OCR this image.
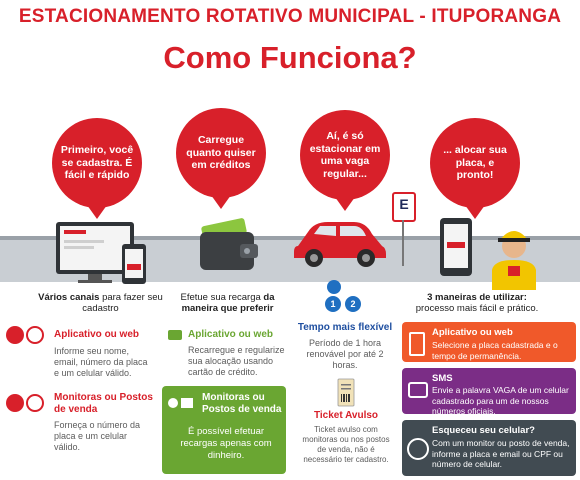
ESTACIONAMENTO ROTATIVO MUNICIPAL - ITUPORANGA
Como Funciona?
Primeiro, você se cadastra. É fácil e rápido
Carregue quanto quiser em créditos
Aí, é só estacionar em uma vaga regular...
... alocar sua placa, e pronto!
E
Vários canais para fazer seu cadastro
Aplicativo ou web
Informe seu nome, email, número da placa e um celular válido.
Monitoras ou Postos de venda
Forneça o número da placa e um celular válido.
Efetue sua recarga da maneira que preferir
Aplicativo ou web
Recarregue e regularize sua alocação usando cartão de crédito.
Monitoras ou Postos de venda
É possível efetuar recargas apenas com dinheiro.
1	2
Tempo mais flexível
Período de 1 hora renovável por até 2 horas.
Ticket Avulso
Ticket avulso com monitoras ou nos postos de venda, não é necessário ter cadastro.
3 maneiras de utilizar:
processo mais fácil e prático.
Aplicativo ou web
Selecione a placa cadastrada e o tempo de permanência.
SMS
Envie a palavra VAGA de um celular cadastrado para um de nossos números oficiais.
Esqueceu seu celular?
Com um monitor ou posto de venda, informe a placa e email ou CPF ou número de celular.
